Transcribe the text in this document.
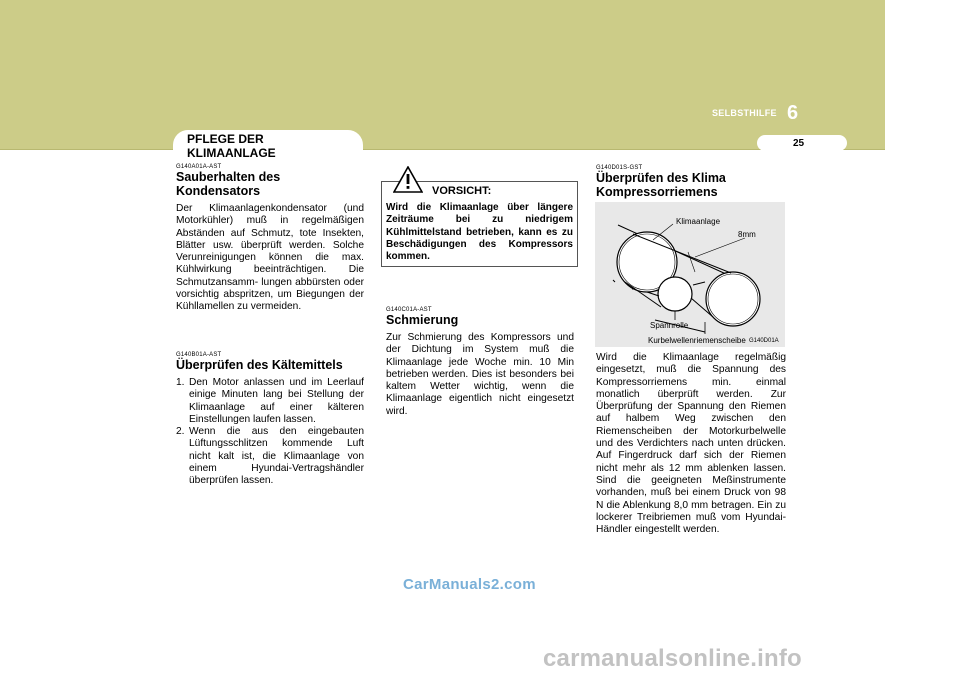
SELBSTHILFE 6
25
PFLEGE DER
KLIMAANLAGE
G140A01A-AST
Sauberhalten des Kondensators
Der Klimaanlagenkondensator (und Motorkühler) muß in regelmäßigen Abständen auf Schmutz, tote Insekten, Blätter usw. überprüft werden. Solche Verunreinigungen können die max. Kühlwirkung beeinträchtigen. Die Schmutzansamm- lungen abbürsten oder vorsichtig abspritzen, um Biegungen der Kühllamellen zu vermeiden.
G140B01A-AST
Überprüfen des Kältemittels
1. Den Motor anlassen und im Leerlauf einige Minuten lang bei Stellung der Klimaanlage auf einer kälteren Einstellungen laufen lassen.
2. Wenn die aus den eingebauten Lüftungsschlitzen kommende Luft nicht kalt ist, die Klimaanlage von einem Hyundai-Vertragshändler überprüfen lassen.
Wird die Klimaanlage über längere Zeiträume bei zu niedrigem Kühlmittelstand betrieben, kann es zu Beschädigungen des Kompressors kommen.
VORSICHT:
G140C01A-AST
Schmierung
Zur Schmierung des Kompressors und der Dichtung im System muß die Klimaanlage jede Woche min. 10 Min betrieben werden. Dies ist besonders bei kaltem Wetter wichtig, wenn die Klimaanlage eigentlich nicht eingesetzt wird.
G140D01S-GST
Überprüfen des Klima
Kompressorriemens
Klimaanlage
8mm
Spannrolle
Kurbelwellenriemenscheibe G140D01A
Wird die Klimaanlage regelmäßig eingesetzt, muß die Spannung des Kompressorriemens min. einmal monatlich überprüft werden. Zur Überprüfung der Spannung den Riemen auf halbem Weg zwischen den Riemenscheiben der Motorkurbelwelle und des Verdichters nach unten drücken. Auf Fingerdruck darf sich der Riemen nicht mehr als 12 mm ablenken lassen. Sind die geeigneten Meßinstrumente vorhanden, muß bei einem Druck von 98 N die Ablenkung 8,0 mm betragen. Ein zu lockerer Treibriemen muß vom Hyundai-Händler eingestellt werden.
CarManuals2.com
carmanualsonline.info
